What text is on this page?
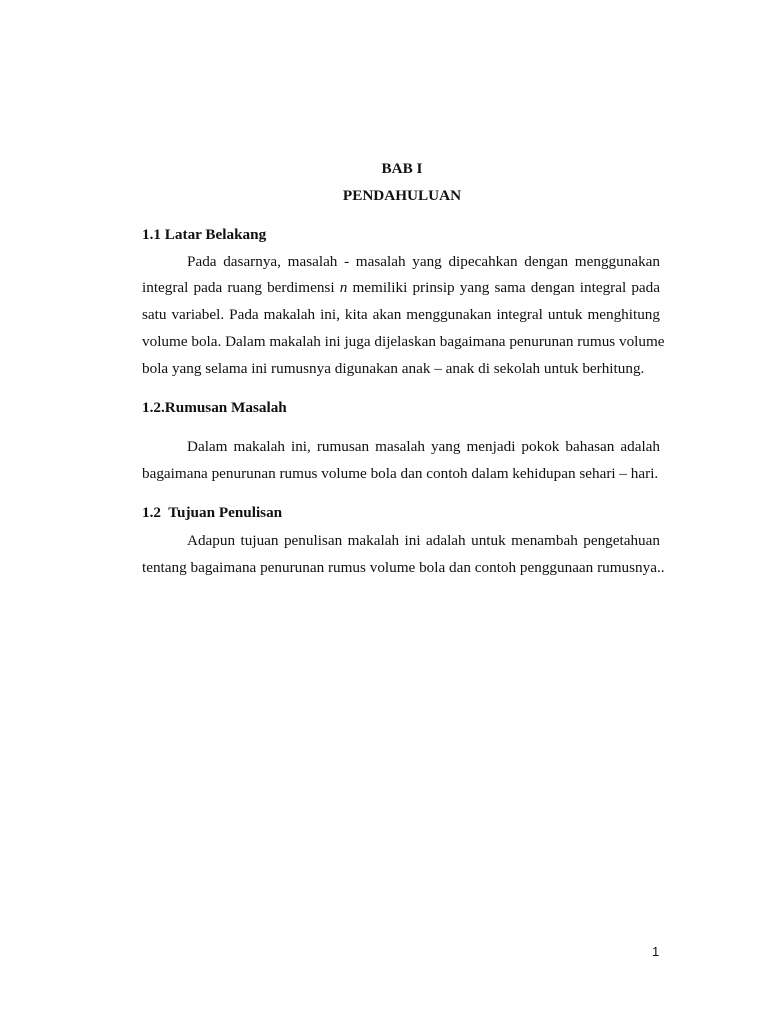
BAB I
PENDAHULUAN
1.1 Latar Belakang
Pada dasarnya, masalah - masalah yang dipecahkan dengan menggunakan
integral pada ruang berdimensi n memiliki prinsip yang sama dengan integral pada
satu variabel. Pada makalah ini, kita akan menggunakan integral untuk menghitung
volume bola. Dalam makalah ini juga dijelaskan bagaimana penurunan rumus volume
bola yang selama ini rumusnya digunakan anak – anak di sekolah untuk berhitung.
1.2.Rumusan Masalah
Dalam makalah ini, rumusan masalah yang menjadi pokok bahasan adalah
bagaimana penurunan rumus volume bola dan contoh dalam kehidupan sehari – hari.
1.2  Tujuan Penulisan
Adapun tujuan penulisan makalah ini adalah untuk menambah pengetahuan
tentang bagaimana penurunan rumus volume bola dan contoh penggunaan rumusnya..
1
